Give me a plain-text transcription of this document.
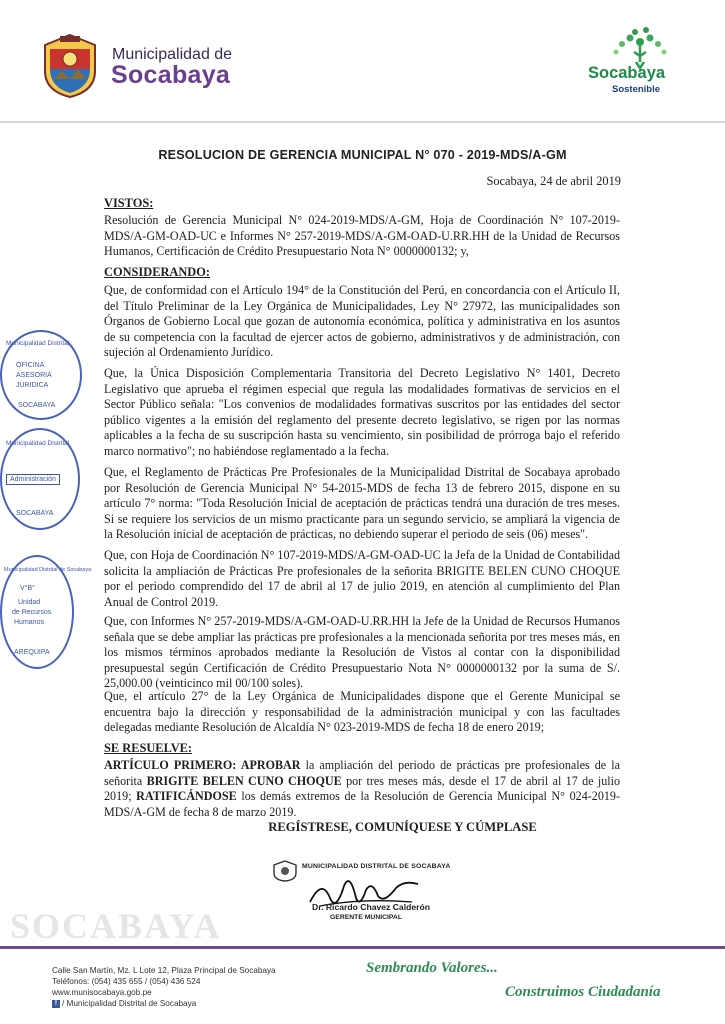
Municipalidad de
Socabaya	Socabaya
Sostenible
Municipalidad Distrital
OFICINA
ASESORIA
JURIDICA
SOCABAYA
Municipalidad Distrital
Administración
SOCABAYA
Municipalidad Distrital de Socabaya
V°B°
Unidad
de Recursos
Humanos
AREQUIPA
RESOLUCION DE GERENCIA MUNICIPAL N° 070 - 2019-MDS/A-GM
Socabaya, 24 de abril 2019
VISTOS:
Resolución de Gerencia Municipal N° 024-2019-MDS/A-GM, Hoja de Coordinación N° 107-2019-MDS/A-GM-OAD-UC e Informes N° 257-2019-MDS/A-GM-OAD-U.RR.HH de la Unidad de Recursos Humanos, Certificación de Crédito Presupuestario Nota N° 0000000132; y,
CONSIDERANDO:
Que, de conformidad con el Artículo 194° de la Constitución del Perú, en concordancia con el Artículo II, del Título Preliminar de la Ley Orgánica de Municipalidades, Ley N° 27972, las municipalidades son Órganos de Gobierno Local que gozan de autonomía económica, política y administrativa en los asuntos de su competencia con la facultad de ejercer actos de gobierno, administrativos y de administración, con sujeción al Ordenamiento Jurídico.
Que, la Única Disposición Complementaria Transitoria del Decreto Legislativo N° 1401, Decreto Legislativo que aprueba el régimen especial que regula las modalidades formativas de servicios en el Sector Público señala: "Los convenios de modalidades formativas suscritos por las entidades del sector público vigentes a la emisión del reglamento del presente decreto legislativo, se rigen por las normas aplicables a la fecha de su suscripción hasta su vencimiento, sin posibilidad de prórroga bajo el referido marco normativo"; no habiéndose reglamentado a la fecha.
Que, el Reglamento de Prácticas Pre Profesionales de la Municipalidad Distrital de Socabaya aprobado por Resolución de Gerencia Municipal N° 54-2015-MDS de fecha 13 de febrero 2015, dispone en su artículo 7° norma: "Toda Resolución Inicial de aceptación de prácticas tendrá una duración de tres meses. Si se requiere los servicios de un mismo practicante para un segundo servicio, se ampliará la vigencia de la Resolución inicial de aceptación de prácticas, no debiendo superar el periodo de seis (06) meses".
Que, con Hoja de Coordinación N° 107-2019-MDS/A-GM-OAD-UC la Jefa de la Unidad de Contabilidad solicita la ampliación de Prácticas Pre profesionales de la señorita BRIGITE BELEN CUNO CHOQUE por el periodo comprendido del 17 de abril al 17 de julio 2019, en atención al cumplimiento del Plan Anual de Control 2019.
Que, con Informes N° 257-2019-MDS/A-GM-OAD-U.RR.HH la Jefe de la Unidad de Recursos Humanos señala que se debe ampliar las prácticas pre profesionales a la mencionada señorita por tres meses más, en los mismos términos aprobados mediante la Resolución de Vistos al contar con la disponibilidad presupuestal según Certificación de Crédito Presupuestario Nota N° 0000000132 por la suma de S/. 25,000.00 (veinticinco mil 00/100 soles).
Que, el artículo 27° de la Ley Orgánica de Municipalidades dispone que el Gerente Municipal se encuentra bajo la dirección y responsabilidad de la administración municipal y con las facultades delegadas mediante Resolución de Alcaldía N° 023-2019-MDS de fecha 18 de enero 2019;
SE RESUELVE:
ARTÍCULO PRIMERO: APROBAR la ampliación del periodo de prácticas pre profesionales de la señorita BRIGITE BELEN CUNO CHOQUE por tres meses más, desde el 17 de abril al 17 de julio 2019; RATIFICÁNDOSE los demás extremos de la Resolución de Gerencia Municipal N° 024-2019-MDS/A-GM de fecha 8 de marzo 2019.
REGÍSTRESE, COMUNÍQUESE Y CÚMPLASE
MUNICIPALIDAD DISTRITAL DE SOCABAYA
Dr. Ricardo Chavez Calderón
GERENTE MUNICIPAL
SOCABAYA
Calle San Martín, Mz. L Lote 12, Plaza Principal de Socabaya
Teléfonos: (054) 435 655 / (054) 436 524
www.munisocabaya.gob.pe
f / Municipalidad Distrital de Socabaya
Sembrando Valores...
Construimos Ciudadanía
